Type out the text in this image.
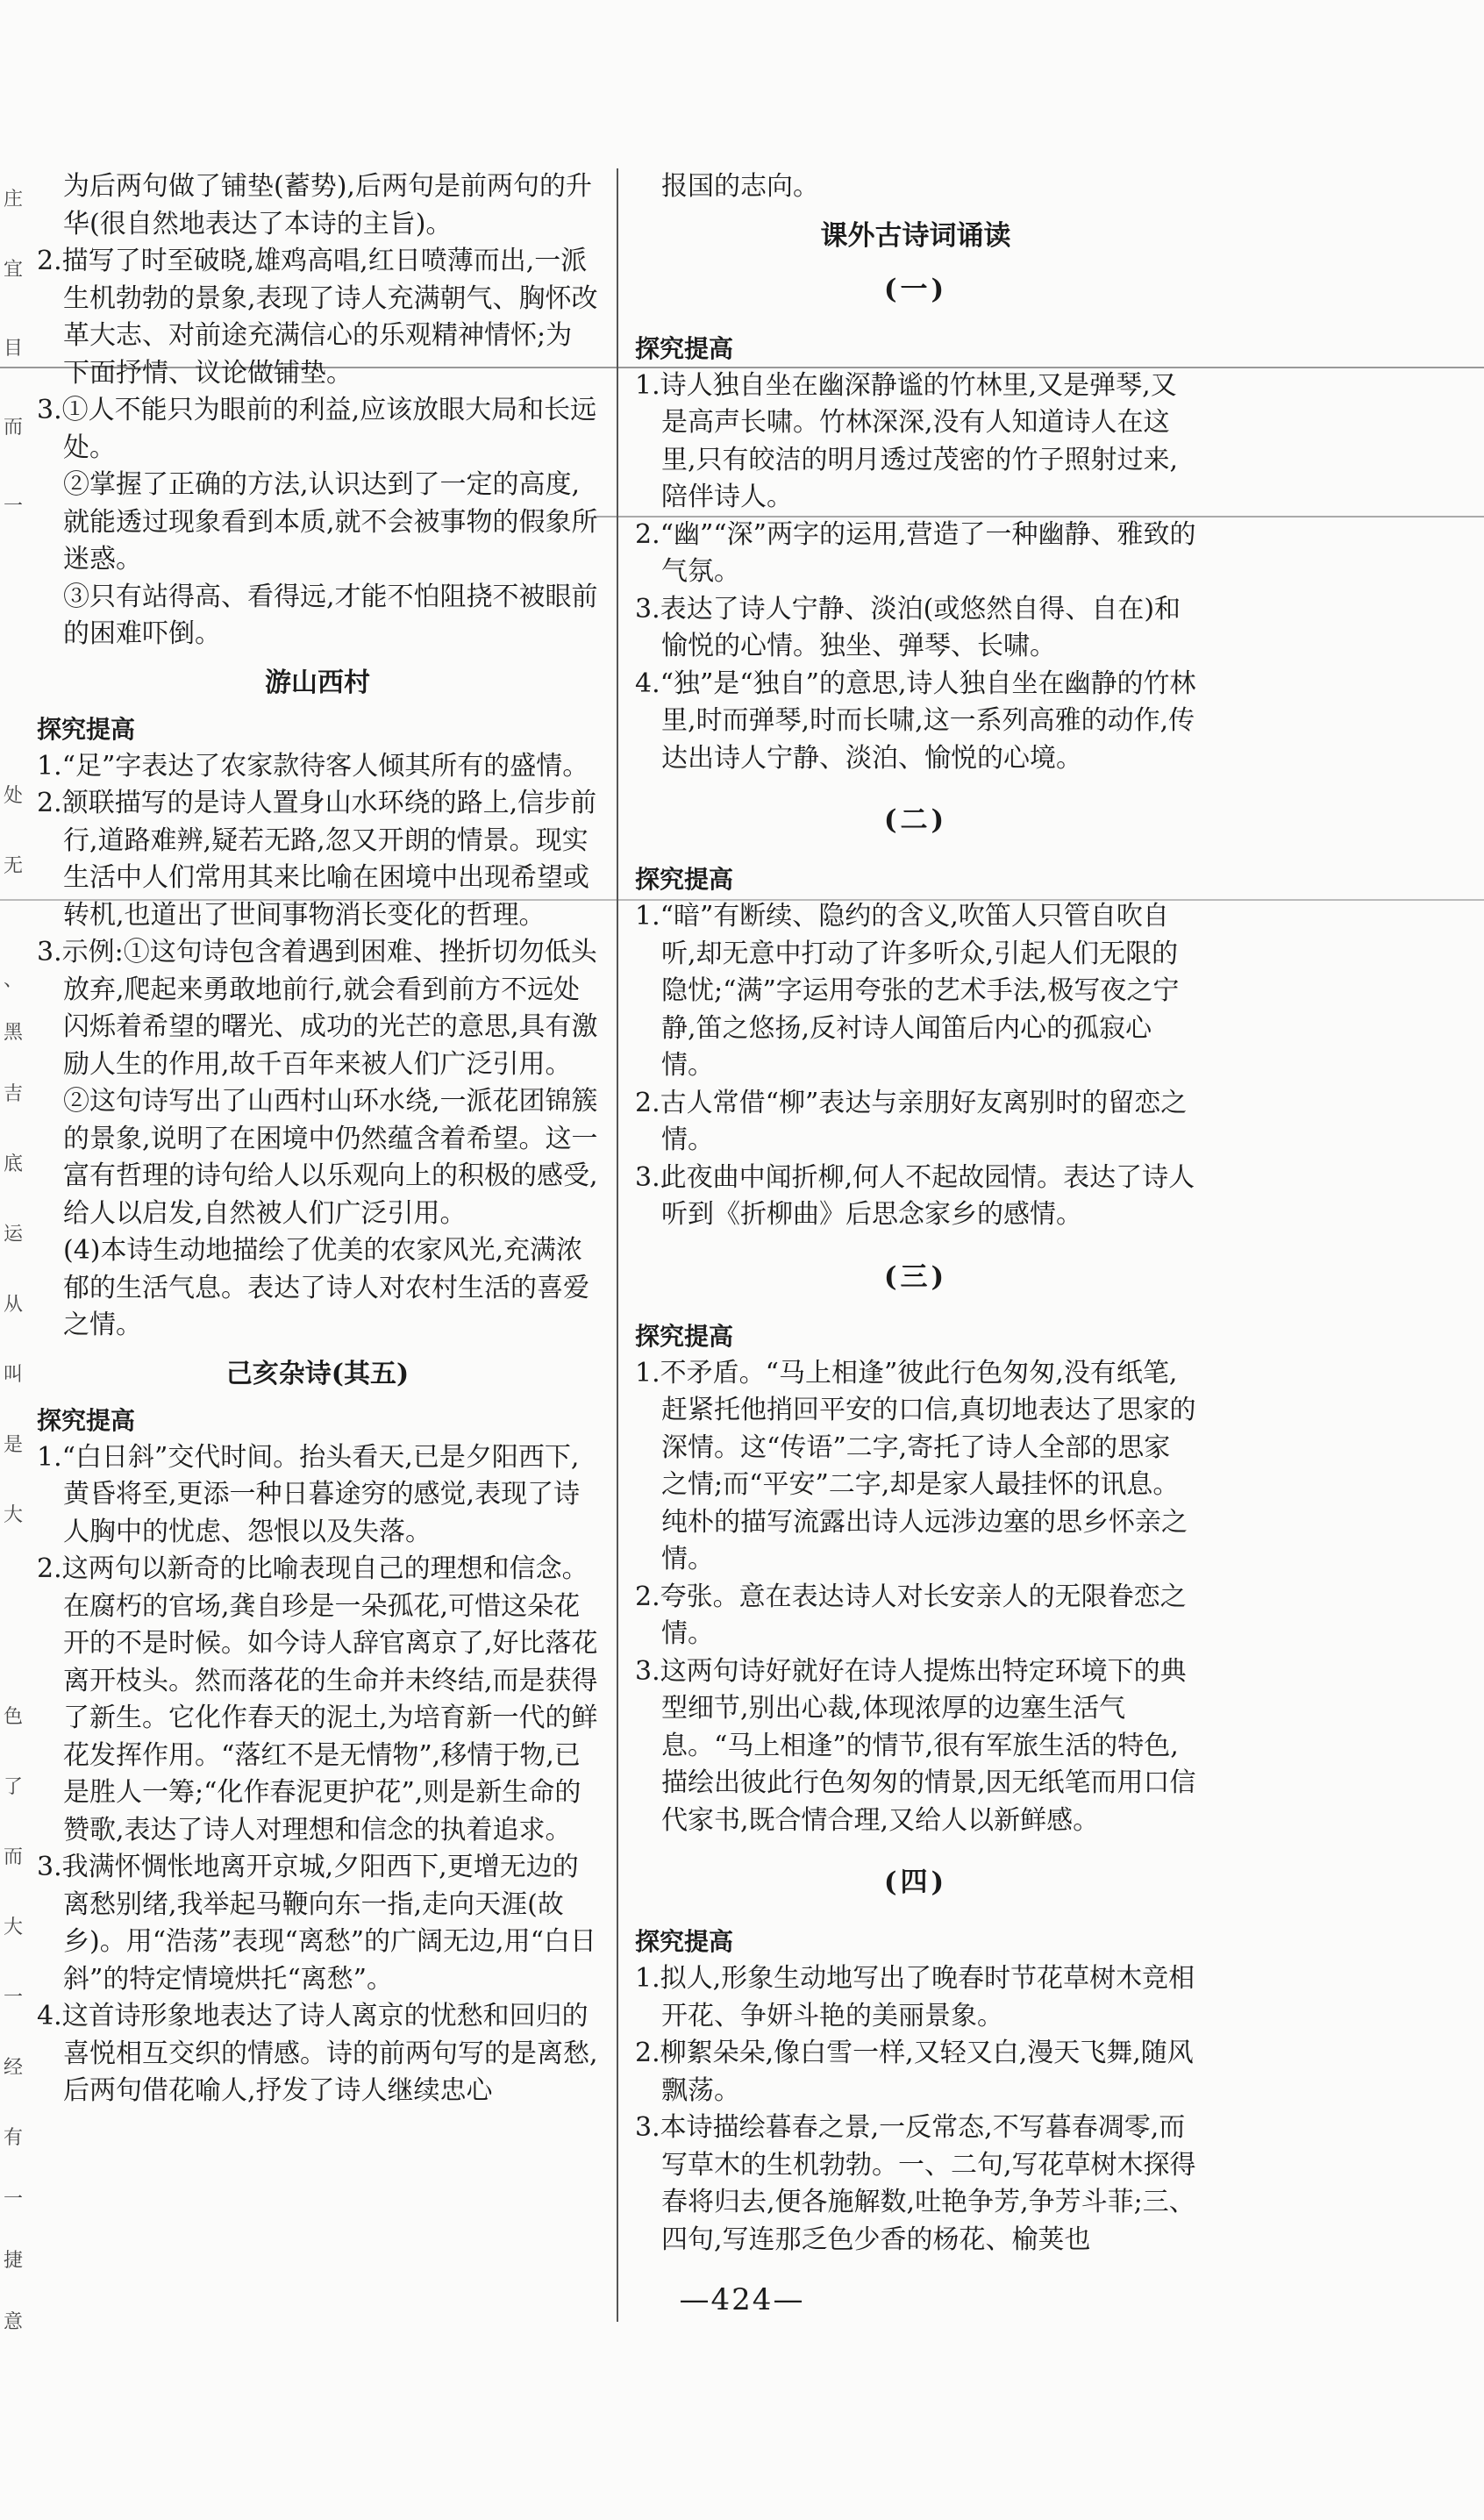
庄
宜
目
而
一
处
无
、
黑
吉
底
运
从
叫
是
大
色
了
而
大
一
经
有
一
捷
意

为后两句做了铺垫(蓄势),后两句是前两句的升华(很自然地表达了本诗的主旨)。

2.描写了时至破晓,雄鸡高唱,红日喷薄而出,一派生机勃勃的景象,表现了诗人充满朝气、胸怀改革大志、对前途充满信心的乐观精神情怀;为下面抒情、议论做铺垫。

3.①人不能只为眼前的利益,应该放眼大局和长远处。

②掌握了正确的方法,认识达到了一定的高度,就能透过现象看到本质,就不会被事物的假象所迷惑。

③只有站得高、看得远,才能不怕阻挠不被眼前的困难吓倒。

游山西村
探究提高

1.“足”字表达了农家款待客人倾其所有的盛情。

2.颔联描写的是诗人置身山水环绕的路上,信步前行,道路难辨,疑若无路,忽又开朗的情景。现实生活中人们常用其来比喻在困境中出现希望或转机,也道出了世间事物消长变化的哲理。

3.示例:①这句诗包含着遇到困难、挫折切勿低头放弃,爬起来勇敢地前行,就会看到前方不远处闪烁着希望的曙光、成功的光芒的意思,具有激励人生的作用,故千百年来被人们广泛引用。

②这句诗写出了山西村山环水绕,一派花团锦簇的景象,说明了在困境中仍然蕴含着希望。这一富有哲理的诗句给人以乐观向上的积极的感受,给人以启发,自然被人们广泛引用。

(4)本诗生动地描绘了优美的农家风光,充满浓郁的生活气息。表达了诗人对农村生活的喜爱之情。

己亥杂诗(其五)
探究提高

1.“白日斜”交代时间。抬头看天,已是夕阳西下,黄昏将至,更添一种日暮途穷的感觉,表现了诗人胸中的忧虑、怨恨以及失落。

2.这两句以新奇的比喻表现自己的理想和信念。在腐朽的官场,龚自珍是一朵孤花,可惜这朵花开的不是时候。如今诗人辞官离京了,好比落花离开枝头。然而落花的生命并未终结,而是获得了新生。它化作春天的泥土,为培育新一代的鲜花发挥作用。“落红不是无情物”,移情于物,已是胜人一筹;“化作春泥更护花”,则是新生命的赞歌,表达了诗人对理想和信念的执着追求。

3.我满怀惆怅地离开京城,夕阳西下,更增无边的离愁别绪,我举起马鞭向东一指,走向天涯(故乡)。用“浩荡”表现“离愁”的广阔无边,用“白日斜”的特定情境烘托“离愁”。

4.这首诗形象地表达了诗人离京的忧愁和回归的喜悦相互交织的情感。诗的前两句写的是离愁,后两句借花喻人,抒发了诗人继续忠心

报国的志向。

课外古诗词诵读
(一)
探究提高

1.诗人独自坐在幽深静谧的竹林里,又是弹琴,又是高声长啸。竹林深深,没有人知道诗人在这里,只有皎洁的明月透过茂密的竹子照射过来,陪伴诗人。

2.“幽”“深”两字的运用,营造了一种幽静、雅致的气氛。

3.表达了诗人宁静、淡泊(或悠然自得、自在)和愉悦的心情。独坐、弹琴、长啸。

4.“独”是“独自”的意思,诗人独自坐在幽静的竹林里,时而弹琴,时而长啸,这一系列高雅的动作,传达出诗人宁静、淡泊、愉悦的心境。

(二)
探究提高

1.“暗”有断续、隐约的含义,吹笛人只管自吹自听,却无意中打动了许多听众,引起人们无限的隐忧;“满”字运用夸张的艺术手法,极写夜之宁静,笛之悠扬,反衬诗人闻笛后内心的孤寂心情。

2.古人常借“柳”表达与亲朋好友离别时的留恋之情。

3.此夜曲中闻折柳,何人不起故园情。表达了诗人听到《折柳曲》后思念家乡的感情。

(三)
探究提高

1.不矛盾。“马上相逢”彼此行色匆匆,没有纸笔,赶紧托他捎回平安的口信,真切地表达了思家的深情。这“传语”二字,寄托了诗人全部的思家之情;而“平安”二字,却是家人最挂怀的讯息。纯朴的描写流露出诗人远涉边塞的思乡怀亲之情。

2.夸张。意在表达诗人对长安亲人的无限眷恋之情。

3.这两句诗好就好在诗人提炼出特定环境下的典型细节,别出心裁,体现浓厚的边塞生活气息。“马上相逢”的情节,很有军旅生活的特色,描绘出彼此行色匆匆的情景,因无纸笔而用口信代家书,既合情合理,又给人以新鲜感。

(四)
探究提高

1.拟人,形象生动地写出了晚春时节花草树木竞相开花、争妍斗艳的美丽景象。

2.柳絮朵朵,像白雪一样,又轻又白,漫天飞舞,随风飘荡。

3.本诗描绘暮春之景,一反常态,不写暮春凋零,而写草木的生机勃勃。一、二句,写花草树木探得春将归去,便各施解数,吐艳争芳,争芳斗菲;三、四句,写连那乏色少香的杨花、榆荚也

—424—
